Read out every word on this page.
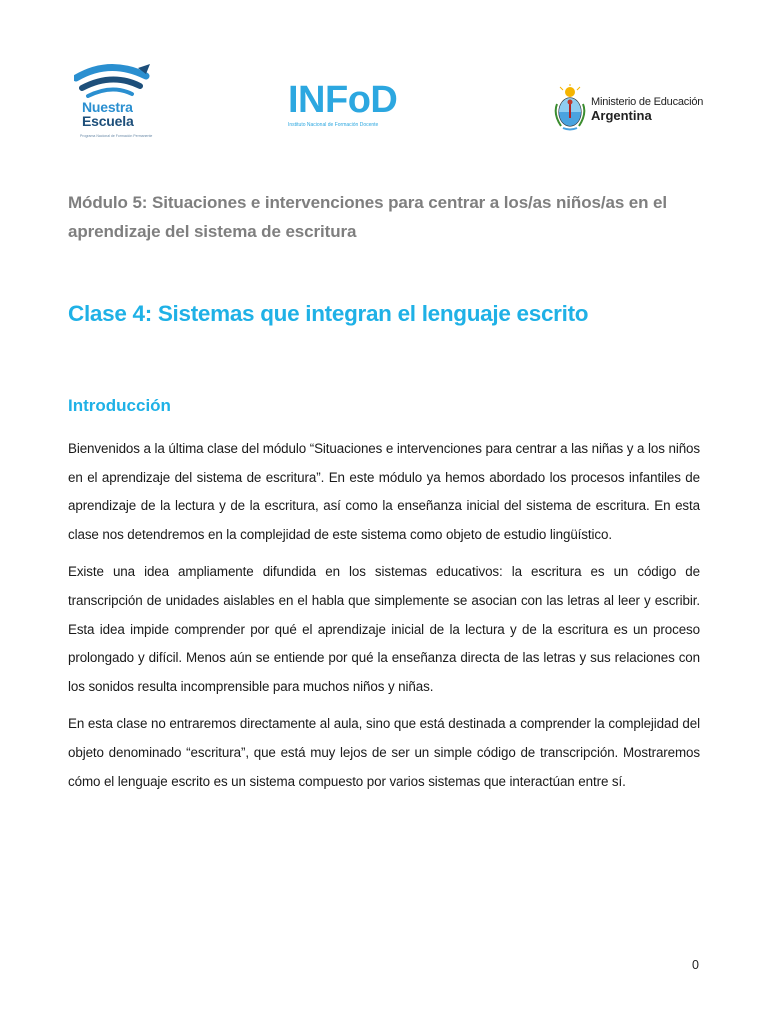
Nuestra
Escuela
Programa Nacional de Formación Permanente
INFoD
Instituto Nacional de Formación Docente
Ministerio de Educación
Argentina
Módulo 5: Situaciones e intervenciones para centrar a los/as niños/as en el aprendizaje del sistema de escritura
Clase 4: Sistemas que integran el lenguaje escrito
Introducción

Bienvenidos a la última clase del módulo “Situaciones e intervenciones para centrar a las niñas y a los niños en el aprendizaje del sistema de escritura”. En este módulo ya hemos abordado los procesos infantiles de aprendizaje de la lectura y de la escritura, así como la enseñanza inicial del sistema de escritura. En esta clase nos detendremos en la complejidad de este sistema como objeto de estudio lingüístico.

Existe una idea ampliamente difundida en los sistemas educativos: la escritura es un código de transcripción de unidades aislables en el habla que simplemente se asocian con las letras al leer y escribir. Esta idea impide comprender por qué el aprendizaje inicial de la lectura y de la escritura es un proceso prolongado y difícil. Menos aún se entiende por qué la enseñanza directa de las letras y sus relaciones con los sonidos resulta incomprensible para muchos niños y niñas.

En esta clase no entraremos directamente al aula, sino que está destinada a comprender la complejidad del objeto denominado “escritura”, que está muy lejos de ser un simple código de transcripción. Mostraremos cómo el lenguaje escrito es un sistema compuesto por varios sistemas que interactúan entre sí.

0
